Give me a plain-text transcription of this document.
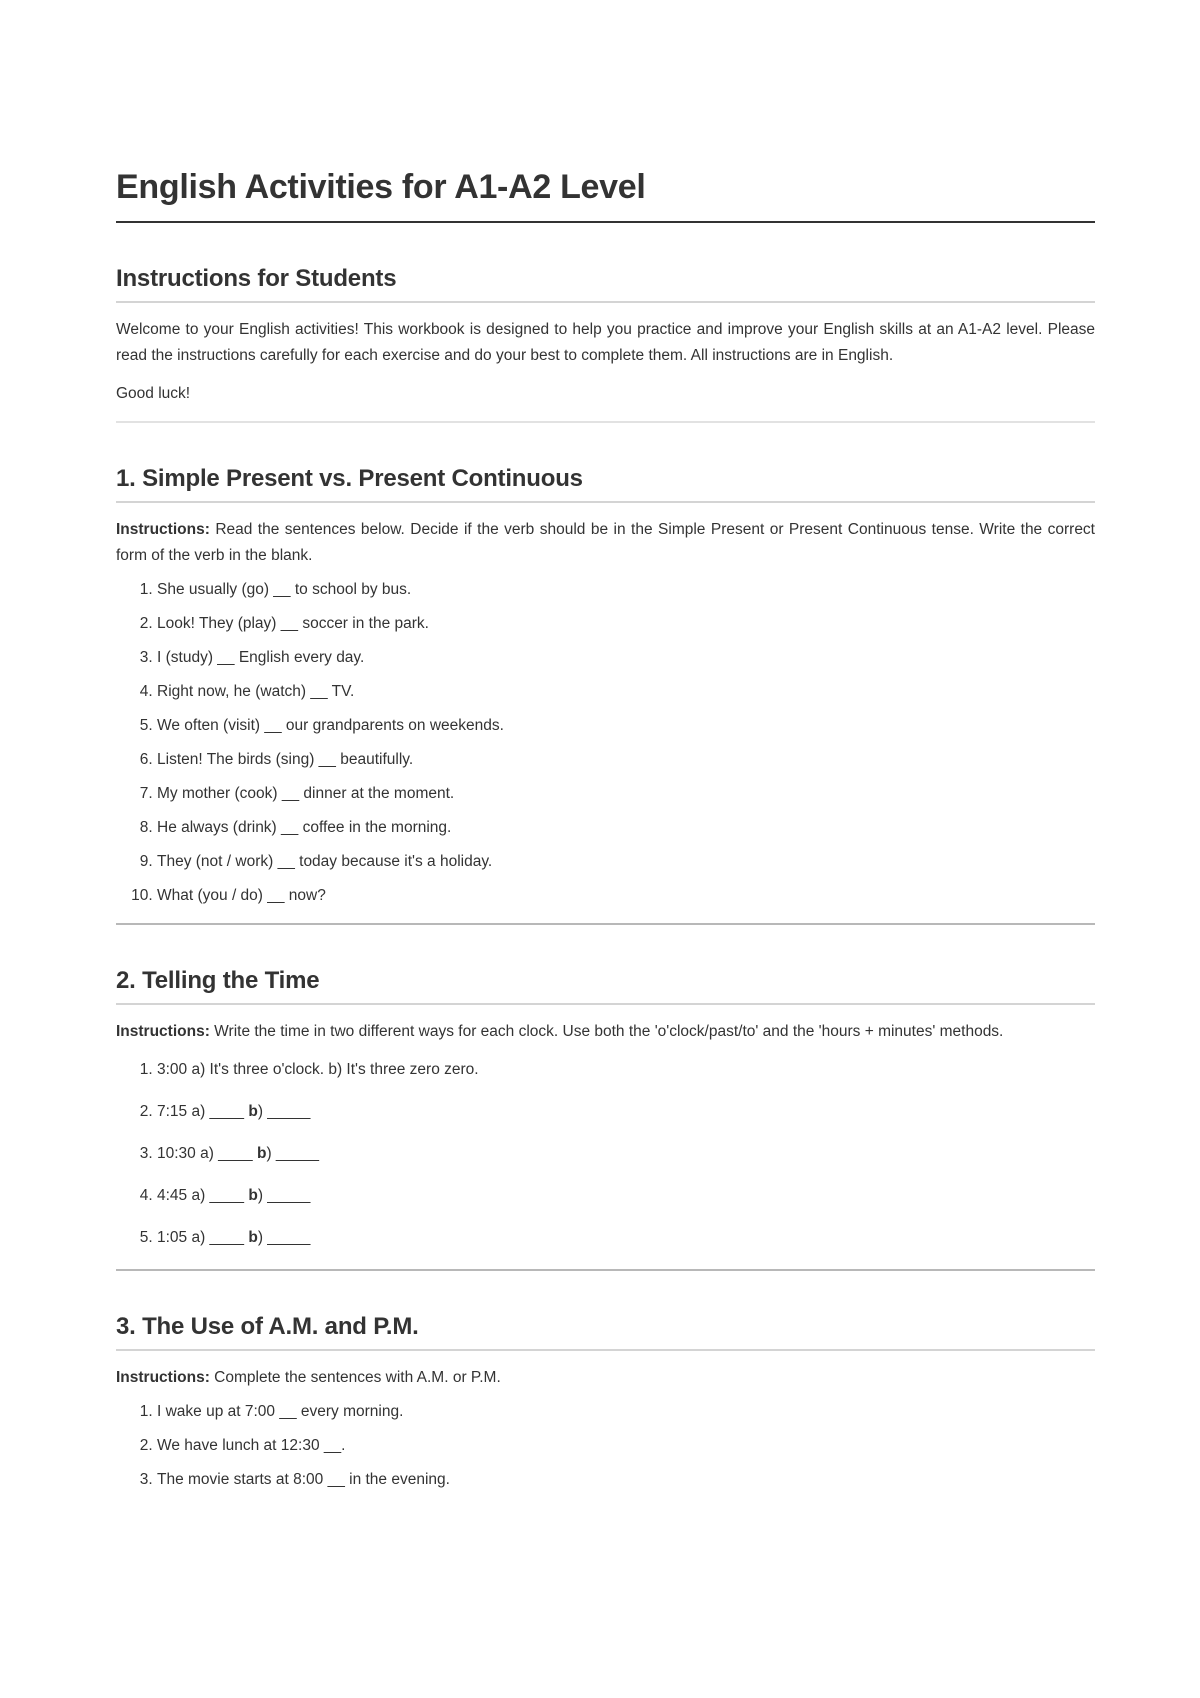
English Activities for A1-A2 Level
Instructions for Students

Welcome to your English activities! This workbook is designed to help you practice and improve your English skills at an A1-A2 level. Please read the instructions carefully for each exercise and do your best to complete them. All instructions are in English.

Good luck!

1. Simple Present vs. Present Continuous

Instructions: Read the sentences below. Decide if the verb should be in the Simple Present or Present Continuous tense. Write the correct form of the verb in the blank.

1. She usually (go) __ to school by bus.
2. Look! They (play) __ soccer in the park.
3. I (study) __ English every day.
4. Right now, he (watch) __ TV.
5. We often (visit) __ our grandparents on weekends.
6. Listen! The birds (sing) __ beautifully.
7. My mother (cook) __ dinner at the moment.
8. He always (drink) __ coffee in the morning.
9. They (not / work) __ today because it's a holiday.
10. What (you / do) __ now?
2. Telling the Time

Instructions: Write the time in two different ways for each clock. Use both the 'o'clock/past/to' and the 'hours + minutes' methods.

1. 3:00 a) It's three o'clock. b) It's three zero zero.
2. 7:15 a) ____ b) _____
3. 10:30 a) ____ b) _____
4. 4:45 a) ____ b) _____
5. 1:05 a) ____ b) _____
3. The Use of A.M. and P.M.

Instructions: Complete the sentences with A.M. or P.M.

1. I wake up at 7:00 __ every morning.
2. We have lunch at 12:30 __.
3. The movie starts at 8:00 __ in the evening.
